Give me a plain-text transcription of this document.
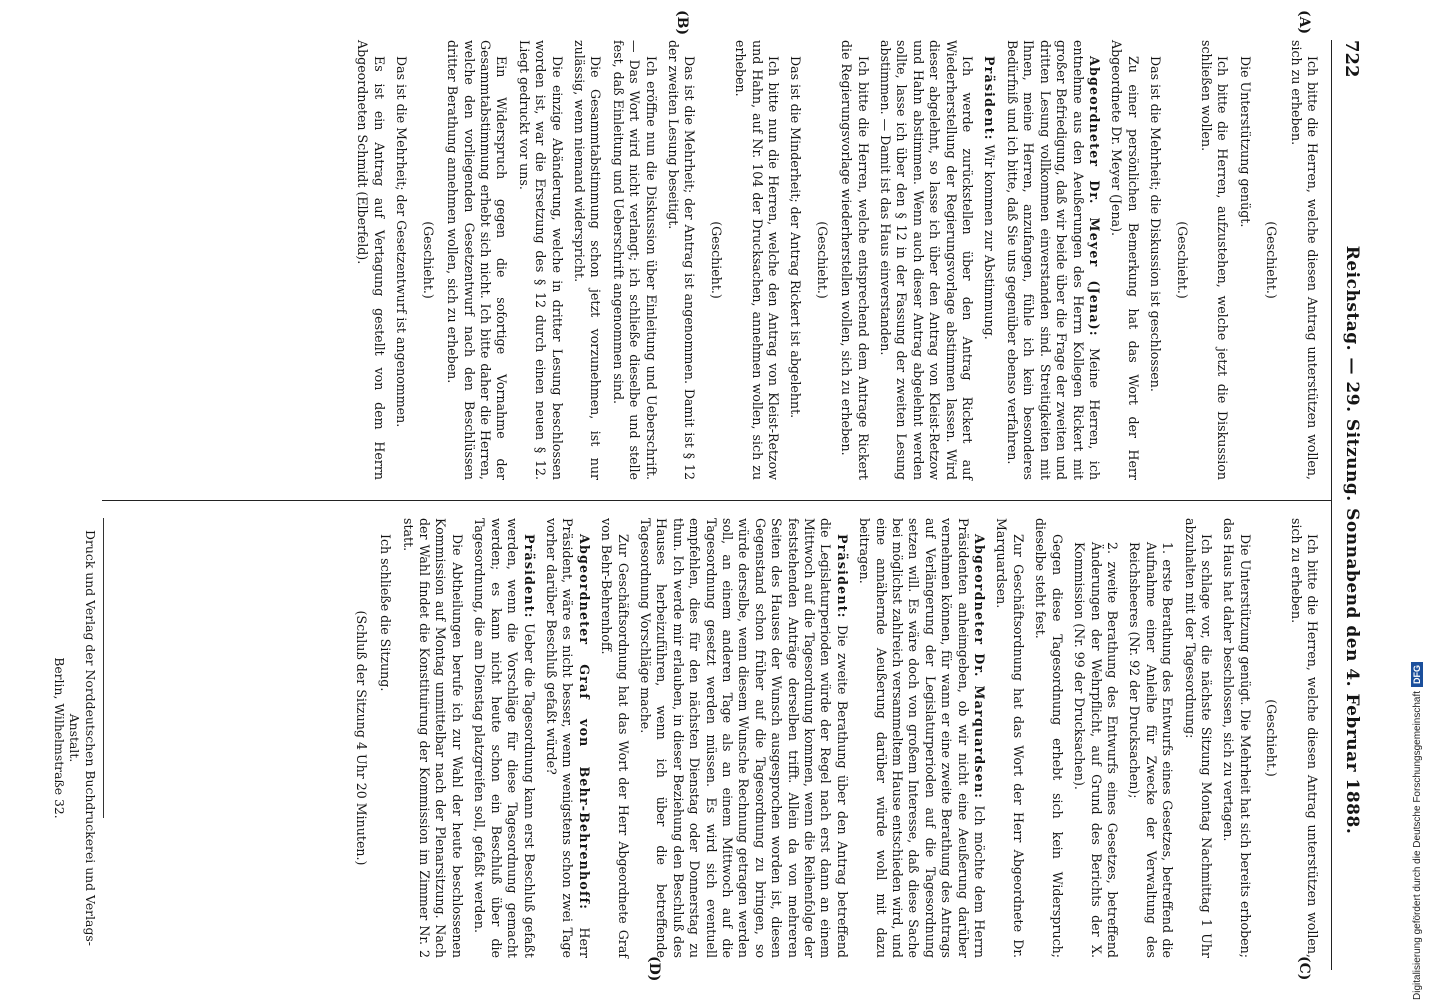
722
Reichstag. — 29. Sitzung. Sonnabend den 4. Februar 1888.
(A)
(B)
(C)
(D)

Ich bitte die Herren, welche diesen Antrag unterstützen wollen, sich zu erheben.

(Geschieht.)

Die Unterstützung genügt.

Ich bitte die Herren, aufzustehen, welche jetzt die Diskussion schließen wollen.

(Geschieht.)

Das ist die Mehrheit; die Diskussion ist geschlossen.

Zu einer persönlichen Bemerkung hat das Wort der Herr Abgeordnete Dr. Meyer (Jena).

Abgeordneter Dr. Meyer (Jena): Meine Herren, ich entnehme aus den Aeußerungen des Herrn Kollegen Rickert mit großer Befriedigung, daß wir beide über die Frage der zweiten und dritten Lesung vollkommen einverstanden sind. Streitigkeiten mit Ihnen, meine Herren, anzufangen, fühle ich kein besonderes Bedürfniß und ich bitte, daß Sie uns gegenüber ebenso verfahren.

Präsident: Wir kommen zur Abstimmung.

Ich werde zurückstellen über den Antrag Rickert auf Wiederherstellung der Regierungsvorlage abstimmen lassen. Wird dieser abgelehnt, so lasse ich über den Antrag von Kleist-Retzow und Hahn abstimmen. Wenn auch dieser Antrag abgelehnt werden sollte, lasse ich über den § 12 in der Fassung der zweiten Lesung abstimmen. — Damit ist das Haus einverstanden.

Ich bitte die Herren, welche entsprechend dem Antrage Rickert die Regierungsvorlage wiederherstellen wollen, sich zu erheben.

(Geschieht.)

Das ist die Minderheit; der Antrag Rickert ist abgelehnt.

Ich bitte nun die Herren, welche den Antrag von Kleist-Retzow und Hahn, auf Nr. 104 der Drucksachen, annehmen wollen, sich zu erheben.

(Geschieht.)

Das ist die Mehrheit; der Antrag ist angenommen. Damit ist § 12 der zweiten Lesung beseitigt.

Ich eröffne nun die Diskussion über Einleitung und Ueberschrift. — Das Wort wird nicht verlangt; ich schließe dieselbe und stelle fest, daß Einleitung und Ueberschrift angenommen sind.

Die Gesammtabstimmung schon jetzt vorzunehmen, ist nur zulässig, wenn niemand widerspricht.

Die einzige Abänderung, welche in dritter Lesung beschlossen worden ist, war die Ersetzung des § 12 durch einen neuen § 12. Liegt gedruckt vor uns.

Ein Widerspruch gegen die sofortige Vornahme der Gesammtabstimmung erhebt sich nicht. Ich bitte daher die Herren, welche den vorliegenden Gesetzentwurf nach den Beschlüssen dritter Berathung annehmen wollen, sich zu erheben.

(Geschieht.)

Das ist die Mehrheit; der Gesetzentwurf ist angenommen.

Es ist ein Antrag auf Vertagung gestellt von dem Herrn Abgeordneten Schmidt (Elberfeld).

Ich bitte die Herren, welche diesen Antrag unterstützen wollen, sich zu erheben.

(Geschieht.)

Die Unterstützung genügt. Die Mehrheit hat sich bereits erhoben; das Haus hat daher beschlossen, sich zu vertagen.

Ich schlage vor, die nächste Sitzung Montag Nachmittag 1 Uhr abzuhalten mit der Tagesordnung:

1. erste Berathung des Entwurfs eines Gesetzes, betreffend die Aufnahme einer Anleihe für Zwecke der Verwaltung des Reichsheeres (Nr. 92 der Drucksachen);

2. zweite Berathung des Entwurfs eines Gesetzes, betreffend Änderungen der Wehrpflicht, auf Grund des Berichts der X. Kommission (Nr. 99 der Drucksachen).

Gegen diese Tagesordnung erhebt sich kein Widerspruch; dieselbe steht fest.

Zur Geschäftsordnung hat das Wort der Herr Abgeordnete Dr. Marquardsen.

Abgeordneter Dr. Marquardsen: Ich möchte dem Herrn Präsidenten anheimgeben, ob wir nicht eine Aeußerung darüber vernehmen können, für wann er eine zweite Berathung des Antrags auf Verlängerung der Legislaturperioden auf die Tagesordnung setzen will. Es wäre doch von großem Interesse, daß diese Sache bei möglichst zahlreich versammeltem Hause entschieden wird, und eine annähernde Aeußerung darüber würde wohl mit dazu beitragen.

Präsident: Die zweite Berathung über den Antrag betreffend die Legislaturperioden würde der Regel nach erst dann an einem Mittwoch auf die Tagesordnung kommen, wenn die Reihenfolge der feststehenden Anträge derselben trifft. Allein da von mehreren Seiten des Hauses der Wunsch ausgesprochen worden ist, diesen Gegenstand schon früher auf die Tagesordnung zu bringen, so würde derselbe, wenn diesem Wunsche Rechnung getragen werden soll, an einem anderen Tage als an einem Mittwoch auf die Tagesordnung gesetzt werden müssen. Es wird sich eventuell empfehlen, dies für den nächsten Dienstag oder Donnerstag zu thun. Ich werde mir erlauben, in dieser Beziehung den Beschluß des Hauses herbeizuführen, wenn ich über die betreffende Tagesordnung Vorschläge mache.

Zur Geschäftsordnung hat das Wort der Herr Abgeordnete Graf von Behr-Behrenhoff.

Abgeordneter Graf von Behr-Behrenhoff: Herr Präsident, wäre es nicht besser, wenn wenigstens schon zwei Tage vorher darüber Beschluß gefaßt würde?

Präsident: Ueber die Tagesordnung kann erst Beschluß gefaßt werden, wenn die Vorschläge für diese Tagesordnung gemacht werden; es kann nicht heute schon ein Beschluß über die Tagesordnung, die am Dienstag platzgreifen soll, gefaßt werden.

Die Abtheilungen berufe ich zur Wahl der heute beschlossenen Kommission auf Montag unmittelbar nach der Plenarsitzung. Nach der Wahl findet die Konstituirung der Kommission im Zimmer Nr. 2 statt.

Ich schließe die Sitzung.

(Schluß der Sitzung 4 Uhr 20 Minuten.)

Druck und Verlag der Norddeutschen Buchdruckerei und Verlags-Anstalt.
Berlin, Wilhelmstraße 32.	Digitalisierung gefördert durch die Deutsche ForschungsgemeinschaftDFG
